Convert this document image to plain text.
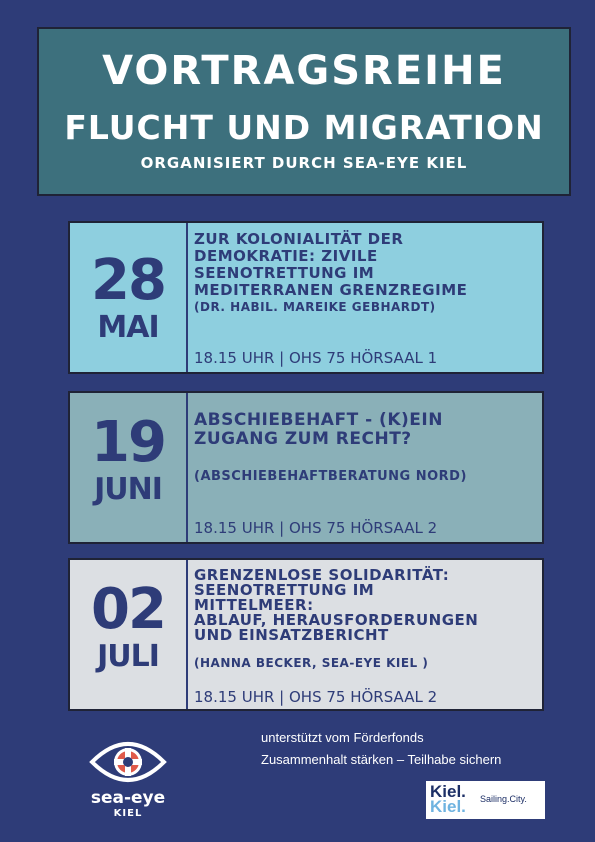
VORTRAGSREIHE
FLUCHT UND MIGRATION
ORGANISIERT DURCH SEA-EYE KIEL
28
MAI
ZUR KOLONIALITÄT DER
DEMOKRATIE: ZIVILE
SEENOTRETTUNG IM
MEDITERRANEN GRENZREGIME
(DR. HABIL. MAREIKE GEBHARDT)
18.15 UHR | OHS 75 HÖRSAAL 1
19
JUNI
ABSCHIEBEHAFT - (K)EIN
ZUGANG ZUM RECHT?
(ABSCHIEBEHAFTBERATUNG NORD)
18.15 UHR | OHS 75 HÖRSAAL 2
02
JULI
GRENZENLOSE SOLIDARITÄT:
SEENOTRETTUNG IM
MITTELMEER:
ABLAUF, HERAUSFORDERUNGEN
UND EINSATZBERICHT
(HANNA BECKER, SEA-EYE KIEL )
18.15 UHR | OHS 75 HÖRSAAL 2
sea-eye
KIEL
unterstützt vom Förderfonds
Zusammenhalt stärken – Teilhabe sichern
Kiel.
Kiel. Sailing.City.
